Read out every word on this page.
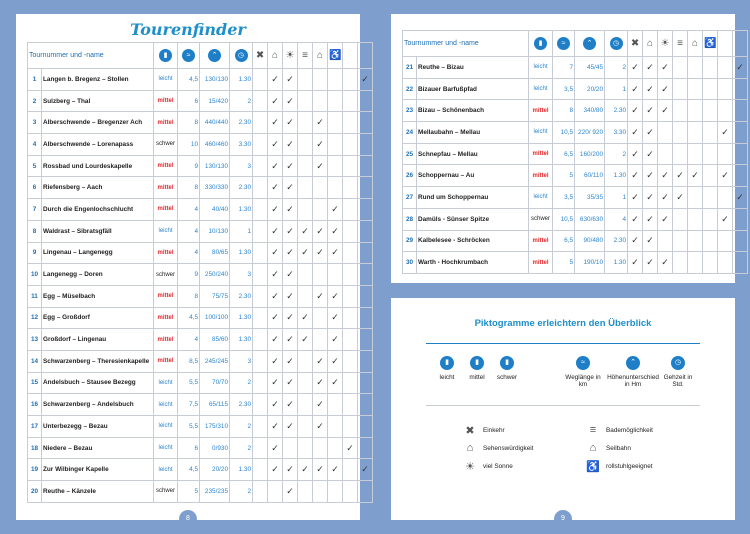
Tourenfinder
Tournummer und -name		▮	≈	⌃	◷	✖	⌂	☀	≡	⌂	♿		
1	Langen b. Bregenz – Stollen	leicht	4,5	130/130	1.30		✓	✓					✓
2	Sulzberg – Thal	mittel	6	15/420	2		✓	✓					
3	Alberschwende – Bregenzer Ach	mittel	8	440/440	2.30		✓	✓		✓			
4	Alberschwende – Lorenapass	schwer	10	460/460	3.30		✓	✓		✓			
5	Rossbad und Lourdeskapelle	mittel	9	130/130	3		✓	✓		✓			
6	Riefensberg – Aach	mittel	8	330/330	2.30		✓	✓					
7	Durch die Engenlochschlucht	mittel	4	40/40	1.30		✓	✓			✓		
8	Waldrast – Sibratsgfäll	leicht	4	10/130	1		✓	✓	✓	✓	✓		
9	Lingenau – Langenegg	mittel	4	80/65	1.30		✓	✓	✓	✓	✓		
10	Langenegg – Doren	schwer	9	250/240	3		✓	✓					
11	Egg – Müselbach	mittel	8	75/75	2.30		✓	✓		✓	✓		
12	Egg – Großdorf	mittel	4,5	100/100	1.30		✓	✓	✓		✓		
13	Großdorf – Lingenau	mittel	4	85/60	1.30		✓	✓	✓		✓		
14	Schwarzenberg – Theresienkapelle	mittel	8,5	245/245	3		✓	✓		✓	✓		
15	Andelsbuch – Stausee Bezegg	leicht	5,5	70/70	2		✓	✓		✓	✓		
16	Schwarzenberg – Andelsbuch	leicht	7,5	65/115	2.30		✓	✓		✓			
17	Unterbezegg – Bezau	leicht	5,5	175/310	2		✓	✓		✓			
18	Niedere – Bezau	leicht	6	0/930	2		✓					✓	
19	Zur Wilbinger Kapelle	leicht	4,5	20/20	1.30		✓	✓	✓	✓	✓		✓
20	Reuthe – Känzele	schwer	5	235/235	2			✓					
8
Tournummer und -name		▮	≈	⌃	◷	✖	⌂	☀	≡	⌂	♿		
21	Reuthe – Bizau	leicht	7	45/45	2	✓	✓	✓					✓
22	Bizauer Barfußpfad	leicht	3,5	20/20	1	✓	✓	✓					
23	Bizau – Schönenbach	mittel	8	340/80	2.30	✓	✓	✓					
24	Mellaubahn – Mellau	leicht	10,5	220/ 920	3.30	✓	✓					✓	
25	Schnepfau – Mellau	mittel	6,5	160/200	2	✓	✓						
26	Schoppernau – Au	mittel	5	60/110	1.30	✓	✓	✓	✓	✓		✓	
27	Rund um Schoppernau	leicht	3,5	35/35	1	✓	✓	✓	✓				✓
28	Damüls - Sünser Spitze	schwer	10,5	630/630	4	✓	✓	✓				✓	
29	Kalbelesee - Schröcken	mittel	6,5	90/480	2.30	✓	✓						
30	Warth - Hochkrumbach	mittel	5	190/10	1.30	✓	✓	✓					
Piktogramme erleichtern den Überblick
▮
leicht
▮
mittel
▮
schwer
≈
Weglänge in km
⌃
Höhenunterschied in Hm
◷
Gehzeit in Std.
✖	Einkehr
⌂	Sehenswürdigkeit
☀	viel Sonne
≡	Bademöglichkeit
⌂	Seilbahn
♿ rollstuhlgeeignet
9
